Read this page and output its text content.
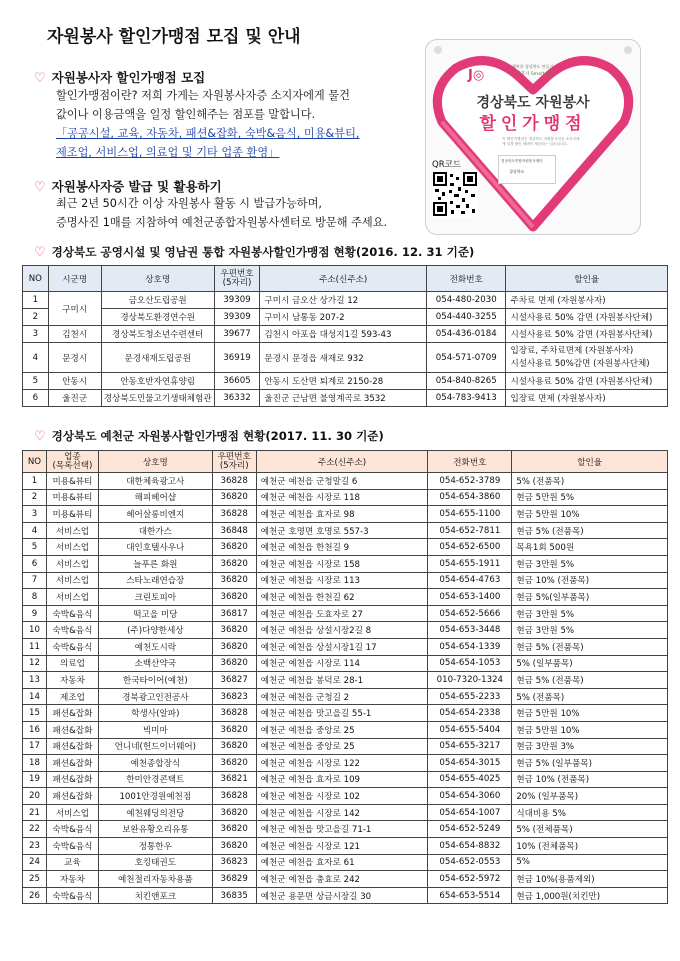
자원봉사 할인가맹점 모집 및 안내
♡ 자원봉사자 할인가맹점 모집
할인가맹점이란? 저희 가게는 자원봉사자증 소지자에게 물건
값이나 이용금액을 일정 할인해주는 점포를 말합니다.
「공공시설, 교육, 자동차, 패션&잡화, 숙박&음식, 미용&뷰티,
제조업, 서비스업, 의료업 및 기타 업종 환영」
♡ 자원봉사자증 발급 및 활용하기
최근 2년 50시간 이상 자원봉사 활동 시 발급가능하며,
증명사진 1매를 지참하여 예천군종합자원봉사센터로 방문해 주세요.
J◎
행복한 경상북도 만들기
자원봉사 Smart Way
경상북도 자원봉사
할인가맹점
이 할인가맹점은 경상북도 자원봉사자증 소지자에게 일정 할인 혜택이 제공되는 업소입니다.
경상북도종합자원봉사센터
경상북도
QR코드
♡ 경상북도 공영시설 및 영남권 통합 자원봉사할인가맹점 현황(2016. 12. 31 기준)
NO	시군명	상호명	우편번호
(5자리)	주소(신주소)	전화번호	할인율
1	구미시	금오산도립공원	39309	구미시 금오산 상가길 12	054-480-2030	주차료 면제 (자원봉사자)
2		경상북도환경연수원	39309	구미시 남통동 207-2	054-440-3255	시설사용료 50% 감면 (자원봉사단체)
3	김천시	경상북도청소년수련센터	39677	김천시 아포읍 대성지1길 593-43	054-436-0184	시설사용료 50% 감면 (자원봉사단체)
4	문경시	문경새재도립공원	36919	문경시 문경읍 새재로 932	054-571-0709	입장료, 주차료면제 (자원봉사자)
시설사용료 50%감면 (자원봉사단체)
5	안동시	안동호반자연휴양림	36605	안동시 도산면 퇴계로 2150-28	054-840-8265	시설사용료 50% 감면 (자원봉사단체)
6	울진군	경상북도민물고기생태체험관	36332	울진군 근남면 불영계곡로 3532	054-783-9413	입장료 면제 (자원봉사자)
♡ 경상북도 예천군 자원봉사할인가맹점 현황(2017. 11. 30 기준)
NO	업종
(목록선택)	상호명	우편번호
(5자리)	주소(신주소)	전화번호	할인율
1	미용&뷰티	대한체육광고사	36828	예천군 예천읍 군청말길 6	054-652-3789	5% (전품목)
2	미용&뷰티	해피헤어샵	36820	예천군 예천읍 시장로 118	054-654-3860	현금 5만원 5%
3	미용&뷰티	헤어살롱비엔지	36828	예천군 예천읍 효자로 98	054-655-1100	현금 5만원 10%
4	서비스업	대한가스	36848	예천군 호명면 호명로 557-3	054-652-7811	현금 5% (전품목)
5	서비스업	대인호텔사우나	36820	예천군 예천읍 한천길 9	054-652-6500	목욕1회 500원
6	서비스업	늘푸른 화원	36820	예천군 예천읍 시장로 158	054-655-1911	현금 3만원 5%
7	서비스업	스타노래연습장	36820	예천군 예천읍 시장로 113	054-654-4763	현금 10% (전품목)
8	서비스업	크린토피아	36820	예천군 예천읍 한천길 62	054-653-1400	현금 5%(일부품목)
9	숙박&음식	떡고을 미당	36817	예천군 예천읍 도효자로 27	054-652-5666	현금 3만원 5%
10	숙박&음식	(주)다양한세상	36820	예천군 예천읍 상설시장2길 8	054-653-3448	현금 3만원 5%
11	숙박&음식	예천도시락	36820	예천군 예천읍 상설시장1길 17	054-654-1339	현금 5% (전품목)
12	의료업	소백산약국	36820	예천군 예천읍 시장로 114	054-654-1053	5% (일부품목)
13	자동차	한국타이어(예천)	36827	예천군 예천읍 봉덕로 28-1	010-7320-1324	현금 5% (전품목)
14	제조업	경북광고인전공사	36823	예천군 예천읍 군청길 2	054-655-2233	5% (전품목)
15	패션&잡화	학생사(알파)	36828	예천군 예천읍 맛고을길 55-1	054-654-2338	현금 5만원 10%
16	패션&잡화	빅미마	36820	예천군 예천읍 중앙로 25	054-655-5404	현금 5만원 10%
17	패션&잡화	언니네(헌드이너웨어)	36820	예천군 예천읍 중앙로 25	054-655-3217	현금 3만원 3%
18	패션&잡화	예천종합장식	36820	예천군 예천읍 시장로 122	054-654-3015	현금 5% (일부품목)
19	패션&잡화	한미안경콘택트	36821	예천군 예천읍 효자로 109	054-655-4025	현금 10% (전품목)
20	패션&잡화	1001안경원예천점	36828	예천군 예천읍 시장로 102	054-654-3060	20% (일부품목)
21	서비스업	예천웨딩의전당	36820	예천군 예천읍 시장로 142	054-654-1007	식대비용 5%
22	숙박&음식	보완유황오리유통	36820	예천군 예천읍 맛고을길 71-1	054-652-5249	5% (전체품목)
23	숙박&음식	정통한우	36820	예천군 예천읍 시장로 121	054-654-8832	10% (전체품목)
24	교육	호킹태권도	36823	예천군 예천읍 효자로 61	054-652-0553	5%
25	자동차	예천절리자동차용품	36829	예천군 예천읍 충효로 242	054-652-5972	현금 10%(용품제외)
26	숙박&음식	치킨앤포크	36835	예천군 용문면 상금시장길 30	654-653-5514	현금 1,000원(치킨만)
